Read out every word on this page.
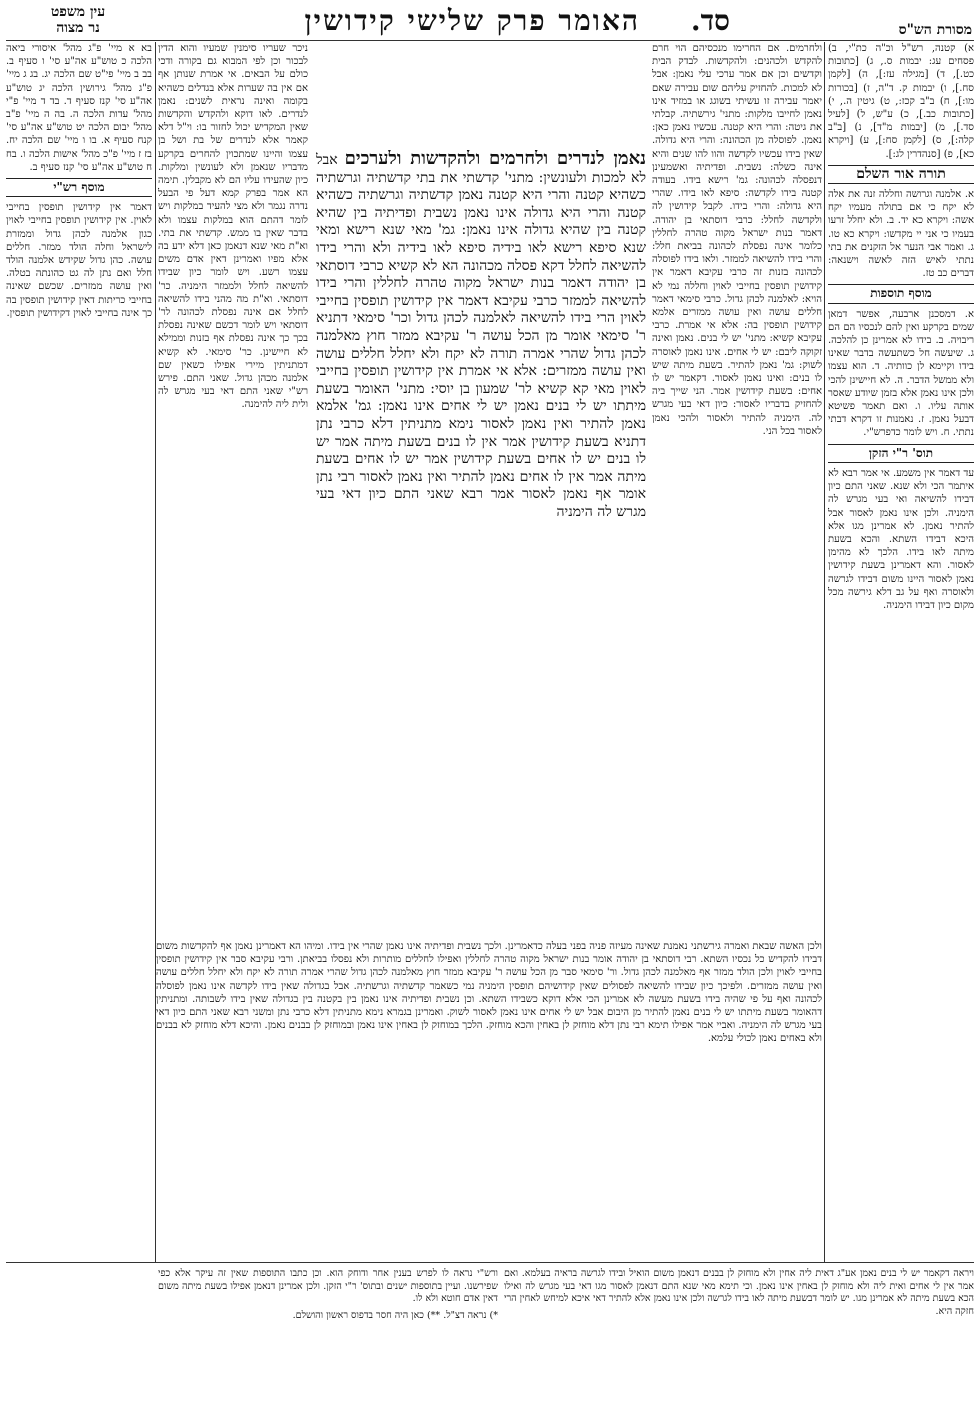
מסורת הש"ס
האומר פרק שלישי קידושין סד.
עין משפט
נר מצוה

א) קטנה, רש"ל וכ"ה כת"י, ב) פסחים עג: יבמות ס., ג) [כתובות כט.], ד) [מגילה עז:], ה) [לקמן סח.], ו) יבמות ק. ד"ה, ז) [בכורות מו:], ח) ב"ב קכז:, ט) גיטין ה., י) [כתובות כב.], כ) ע"ש, ל) [לעיל סד.], מ) [יבמות מ"ד], נ) [ב"ב קלה:], ס) [לקמן סח:], ע) [ויקרא כא], פ) [סנהדרין לג:].

תורה אור השלם

א. אלמנה וגרושה וחללה זנה את אלה לא יקח כי אם בתולה מעמיו יקח אשה: ויקרא כא יד. ב. ולא יחלל זרעו בעמיו כי אני יי מקדשו: ויקרא כא טו. ג. ואמר אבי הנער אל הזקנים את בתי נתתי לאיש הזה לאשה וישנאה: דברים כב טז.

מוסף תוספות

א. דמסכנן ארבעה, אפשר דמאן שמים בקרקע ואין להם לנכסיו הם הם ריבויה. ב. בידו לא אמרינן כן להלכה. ג. שיעשה חל כשתעשה בדבר שאינו בידו וקיימא לן כוותיה. ד. הוא עצמו ולא ממשל הדבר. ה. לא חיישינן להכי ולכן אינו נאמן אלא בזמן שיודע שאסר אותה עליו. ו. ואם תאמר פשיטא דבעל נאמן. ז. נאמנות זו דקרא דבתי נתתי. ח. ויש לומר כדפרש"י.

תוס' ר"י הזקן

עד דאמר אין משמע. אי אמר רבא לא איתמר הכי ולא שנא. שאני התם כיון דבידו להשיאה ואי בעי מגרש לה הימניה. ולכן אינו נאמן לאסור אבל להתיר נאמן. לא אמרינן מגו אלא היכא דבידו השתא. והכא בשעת מיתה לאו בידו. הלכך לא מהימן לאסור. והא דאמרינן בשעת קידושין נאמן לאסור היינו משום דבידו לגרשה ולאוסרה ואף על גב דלא גירשה מכל מקום כיון דבידו הימניה.

בא א מיי' פ"ג מהל' איסורי ביאה הלכה כ טוש"ע אה"ע סי' ו סעיף ב. בב ב מיי' פי"ט שם הלכה יג. בג ג מיי' פ"ג מהל' גירושין הלכה יג טוש"ע אה"ע סי' קנז סעיף ד. בד ד מיי' פ"י מהל' עדות הלכה ה. בה ה מיי' פ"ב מהל' יבום הלכה יט טוש"ע אה"ע סי' קנח סעיף א. בו ו מיי' שם הלכה יח. בז ז מיי' פ"כ מהל' אישות הלכה ו. בח ח טוש"ע אה"ע סי' קנז סעיף ב.

מוסף רש"י

דאמר אין קידושין תופסין בחייבי לאוין. אין קידושין תופסין בחייבי לאוין כגון אלמנה לכהן גדול וממזרת לישראל וחלה הולד ממזר. חללים עושה. כהן גדול שקידש אלמנה הולד חלל ואם נתן לה גט כהונתה בטלה. ואין עושה ממזרים. שכשם שאינה בחייבי כריתות דאין קידושין תופסין בה כך אינה בחייבי לאוין דקידושין תופסין.

ולחרמים. אם החרימו מנכסיהם הוי חרם להקדש ולכהנים: ולהקדשות. לבדק הבית וקדשים וכן אם אמר ערכי עלי נאמן: אבל לא למכות. להחזיק עליהם שום עבירה שאם יאמר עבירה זו עשיתי בשוגג או במזיד אינו נאמן לחייבו מלקות: מתני' גירשתיה. קבלתי את גיטה: והרי היא קטנה. עכשיו נאמן כאן: נאמן. לפוסלה מן הכהונה: והרי היא גדולה. שאין בידו עכשיו לקדשה והוו להו שנים והיא אינה כשלה: נשבית. ופדיתיה ואשמעינן דנפסלה לכהונה: גמ' רישא בידו. בעודה קטנה בידו לקדשה: סיפא לאו בידו. שהרי היא גדולה: והרי בידו. לקבל קידושין לה ולקדשה לחלל: כרבי דוסתאי בן יהודה. דאמר בנות ישראל מקוה טהרה לחללין כלומר אינה נפסלת לכהונה בביאת חלל: והרי בידו להשיאה לממזר. ולאו בידו לפוסלה לכהונה בזנות זה כרבי עקיבא דאמר אין קידושין תופסין בחייבי לאוין וחללה נמי לא הויא: לאלמנה לכהן גדול. כרבי סימאי דאמר חללים עושה ואין עושה ממזרים אלמא קידושין תופסין בה: אלא אי אמרת. כרבי עקיבא קשיא: מתני' יש לי בנים. נאמן ואינה זקוקה ליבם: יש לי אחים. אינו נאמן לאוסרה לשוק: גמ' נאמן להתיר. בשעת מיתה שיש לו בנים: ואינו נאמן לאסור. דקאמר יש לו אחים: בשעת קידושין אמר. הני שייך ביה להחזיק בדבריו לאסור: כיון דאי בעי מגרש לה. הימניה להתיר ולאסור ולהכי נאמן לאסור בכל הני.

ניכר שעריו סימנין שמעיו והוא הדין לבכור וכן לפי המבוא גם בקורה ודכי כולם על הבאים. אי אמרת שנותן אף אם אין בה שערות אלא בגדלים כשהיא בקומה ואינה נראית לשנים: נאמן לנדרים. לאו דוקא ולהקדש והקדשות שאין המקדיש יכול לחזור בו: וי"ל דלא קאמר אלא לנדרים של בת ושל בן עצמו והיינו שמתכוין להחרים בקרקע מדבריו שנאמן ולא לעונשין ומלקות. כיון שהעידו עליו הם לא מקבלין. תימה הא אמר בפרק קמא דעל פי הבעל נדרה נגמר ולא מצי להעיד במלקות ויש לומר דהתם הוא במלקות עצמו ולא בדבר שאין בו ממש. קדשתי את בתי. וא"ת מאי שנא דנאמן כאן דלא ידע בה אלא מפיו ואמרינן דאין אדם משים עצמו רשע. ויש לומר כיון שבידו להשיאה לחלל ולממזר הימניה. כר' דוסתאי. וא"ת מה מהני בידו להשיאה לחלל אם אינה נפסלת לכהונה לר' דוסתאי ויש לומר דכשם שאינה נפסלת בכך כך אינה נפסלת אף בזנות וממילא לא חיישינן. כר' סימאי. לא קשיא דמתניתין מיירי אפילו כשאין שם אלמנה מכהן גדול. שאני התם. פירש רש"י שאני התם דאי בעי מגרש לה ולית ליה להימנה.

נאמן לנדרים ולחרמים ולהקדשות ולערכים אבל לא למכות ולעונשין: מתני' קדשתי את בתי קדשתיה וגרשתיה כשהיא קטנה והרי היא קטנה נאמן קדשתיה וגרשתיה כשהיא קטנה והרי היא גדולה אינו נאמן נשבית ופדיתיה בין שהיא קטנה בין שהיא גדולה אינו נאמן: גמ' מאי שנא רישא ומאי שנא סיפא רישא לאו בידיה סיפא לאו בידיה ולא והרי בידו להשיאה לחלל דקא פסלה מכהונה הא לא קשיא כרבי דוסתאי בן יהודה דאמר בנות ישראל מקוה טהרה לחללין והרי בידו להשיאה לממזר כרבי עקיבא דאמר אין קידושין תופסין בחייבי לאוין הרי בידו להשיאה לאלמנה לכהן גדול וכר' סימאי דתניא ר' סימאי אומר מן הכל עושה ר' עקיבא ממזר חוץ מאלמנה לכהן גדול שהרי אמרה תורה לא יקח ולא יחלל חללים עושה ואין עושה ממזרים: אלא אי אמרת אין קידושין תופסין בחייבי לאוין מאי קא קשיא לר' שמעון בן יוסי: מתני' האומר בשעת מיתתו יש לי בנים נאמן יש לי אחים אינו נאמן: גמ' אלמא נאמן להתיר ואין נאמן לאסור נימא מתניתין דלא כרבי נתן דתניא בשעת קידושין אמר אין לו בנים בשעת מיתה אמר יש לו בנים יש לו אחים בשעת קידושין אמר יש לו אחים בשעת מיתה אמר אין לו אחים נאמן להתיר ואין נאמן לאסור רבי נתן אומר אף נאמן לאסור אמר רבא שאני התם כיון דאי בעי מגרש לה הימניה

ולכן האשה שבאת ואמרה גירשתני נאמנת שאינה מעיזה פניה בפני בעלה כדאמרינן. ולכך נשבית ופדיתיה אינו נאמן שהרי אין בידו. ומיהו הא דאמרינן נאמן אף להקדשות משום דבידו להקדיש כל נכסיו השתא. רבי דוסתאי בן יהודה אומר בנות ישראל מקוה טהרה לחללין ואפילו לחללים מותרות ולא נפסלו בביאתן. ורבי עקיבא סבר אין קידושין תופסין בחייבי לאוין ולכן הולד ממזר אף מאלמנה לכהן גדול. ור' סימאי סבר מן הכל עושה ר' עקיבא ממזר חוץ מאלמנה לכהן גדול שהרי אמרה תורה לא יקח ולא יחלל חללים עושה ואין עושה ממזרים. ולפיכך כיון שבידו להשיאה לפסולים שאין קידושיהם תופסין הימניה נמי כשאמר קדשתיה וגרשתיה. אבל בגדולה שאין בידו לקדשה אינו נאמן לפוסלה לכהונה ואף על פי שהיה בידו בשעת מעשה לא אמרינן הכי אלא דוקא כשבידו השתא. וכן נשבית ופדיתיה אינו נאמן בין בקטנה בין בגדולה שאין בידו לשבותה. ומתניתין דהאומר בשעת מיתתו יש לי בנים נאמן להתיר מן היבום אבל יש לי אחים אינו נאמן לאסור לשוק. ואמרינן בגמרא נימא מתניתין דלא כרבי נתן ומשני רבא שאני התם כיון דאי בעי מגרש לה הימניה. ואביי אמר אפילו תימא רבי נתן דלא מוחזק לן באחין והכא מוחזק. הלכך במוחזק לן באחין אינו נאמן ובמוחזק לן בבנים נאמן. והיכא דלא מוחזק לא בבנים ולא באחים נאמן לכולי עלמא.

ויראה דקאמר יש לי בנים נאמן אע"ג דאית ליה אחין ולא מוחזק לן בבנים דנאמן משום הואיל ובידו לגרשה בראיה בעלמא. ואם אמר אין לי אחים ואית ליה ולא מוחזק לן באחין אינו נאמן. וכי תימא מאי שנא התם דנאמן לאסור מגו דאי בעי מגרש לה ואילו הכא בשעת מיתה לא אמרינן מגו. יש לומר דבשעת מיתה לאו בידו לגרשה ולכן אינו נאמן אלא להתיר דאי איכא למיחש לאחין הרי חזקה היא.
ורש"י נראה לו לפרש בענין אחר ודוחק הוא. וכן כתבו התוספות שאין זה עיקר אלא כפי שפירשנו. ועיין בתוספות ישנים ובתוס' ר"י הזקן. ולכן אמרינן דנאמן אפילו בשעת מיתה משום דאין אדם חוטא ולא לו.
*) נראה דצ"ל. **) כאן היה חסר בדפוס ראשון והושלם.
